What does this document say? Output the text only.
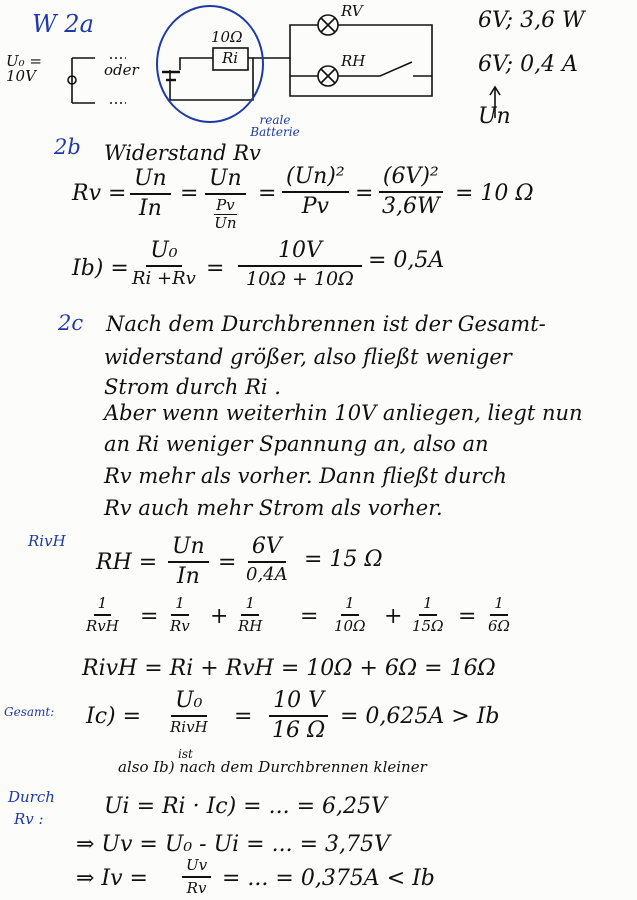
W 2a
U₀ = 10V	oder
10Ω
Ri
RV
RH
reale Batterie
6V; 3,6 W
6V; 0,4 A
Un
2b Widerstand Rv
$Rv = \frac{Un}{In}$ =
Un
Pv
Un
= $\frac{\text{(Un)²}}{Pv} = \frac{\text{(6V)²}}{3,6W} = 10$ Ω
Ib) =
U₀
$Ri +Rv = \frac{10V}{10\Omega + 10\Omega} = 0,5A$
2c Nach dem Durchbrennen ist der Gesamt-
widerstand größer, also fließt weniger
Strom durch Ri .
Aber wenn weiterhin 10V anliegen, liegt nun
an Ri weniger Spannung an, also an
Rv mehr als vorher. Dann fließt durch
Rv auch mehr Strom als vorher.
RivH
RH = $\frac{Un}{In}$ =
6V
0,4A
= 15 Ω
1
RvH = $\frac{1}{Rv} + \frac{1}{RH} = \frac{1}{10\Omega} + \frac{1}{15\Omega} = \frac{1}{6\Omega}$
RivH = Ri + RvH = 10Ω + 6Ω = 16Ω
Gesamt: Ic) =
U₀
RivH = $\frac{10 V}{16 \Omega} = 0,625A > Ib$
ist
also Ib) nach dem Durchbrennen kleiner
Durch
Rv :	Ui = Ri · Ic) = ... = 6,25V
⇒ Uv = U₀ - Ui = ... = 3,75V
⇒ $Iv = \frac{Uv}{Rv}$ = ... = 0,375A < Ib
